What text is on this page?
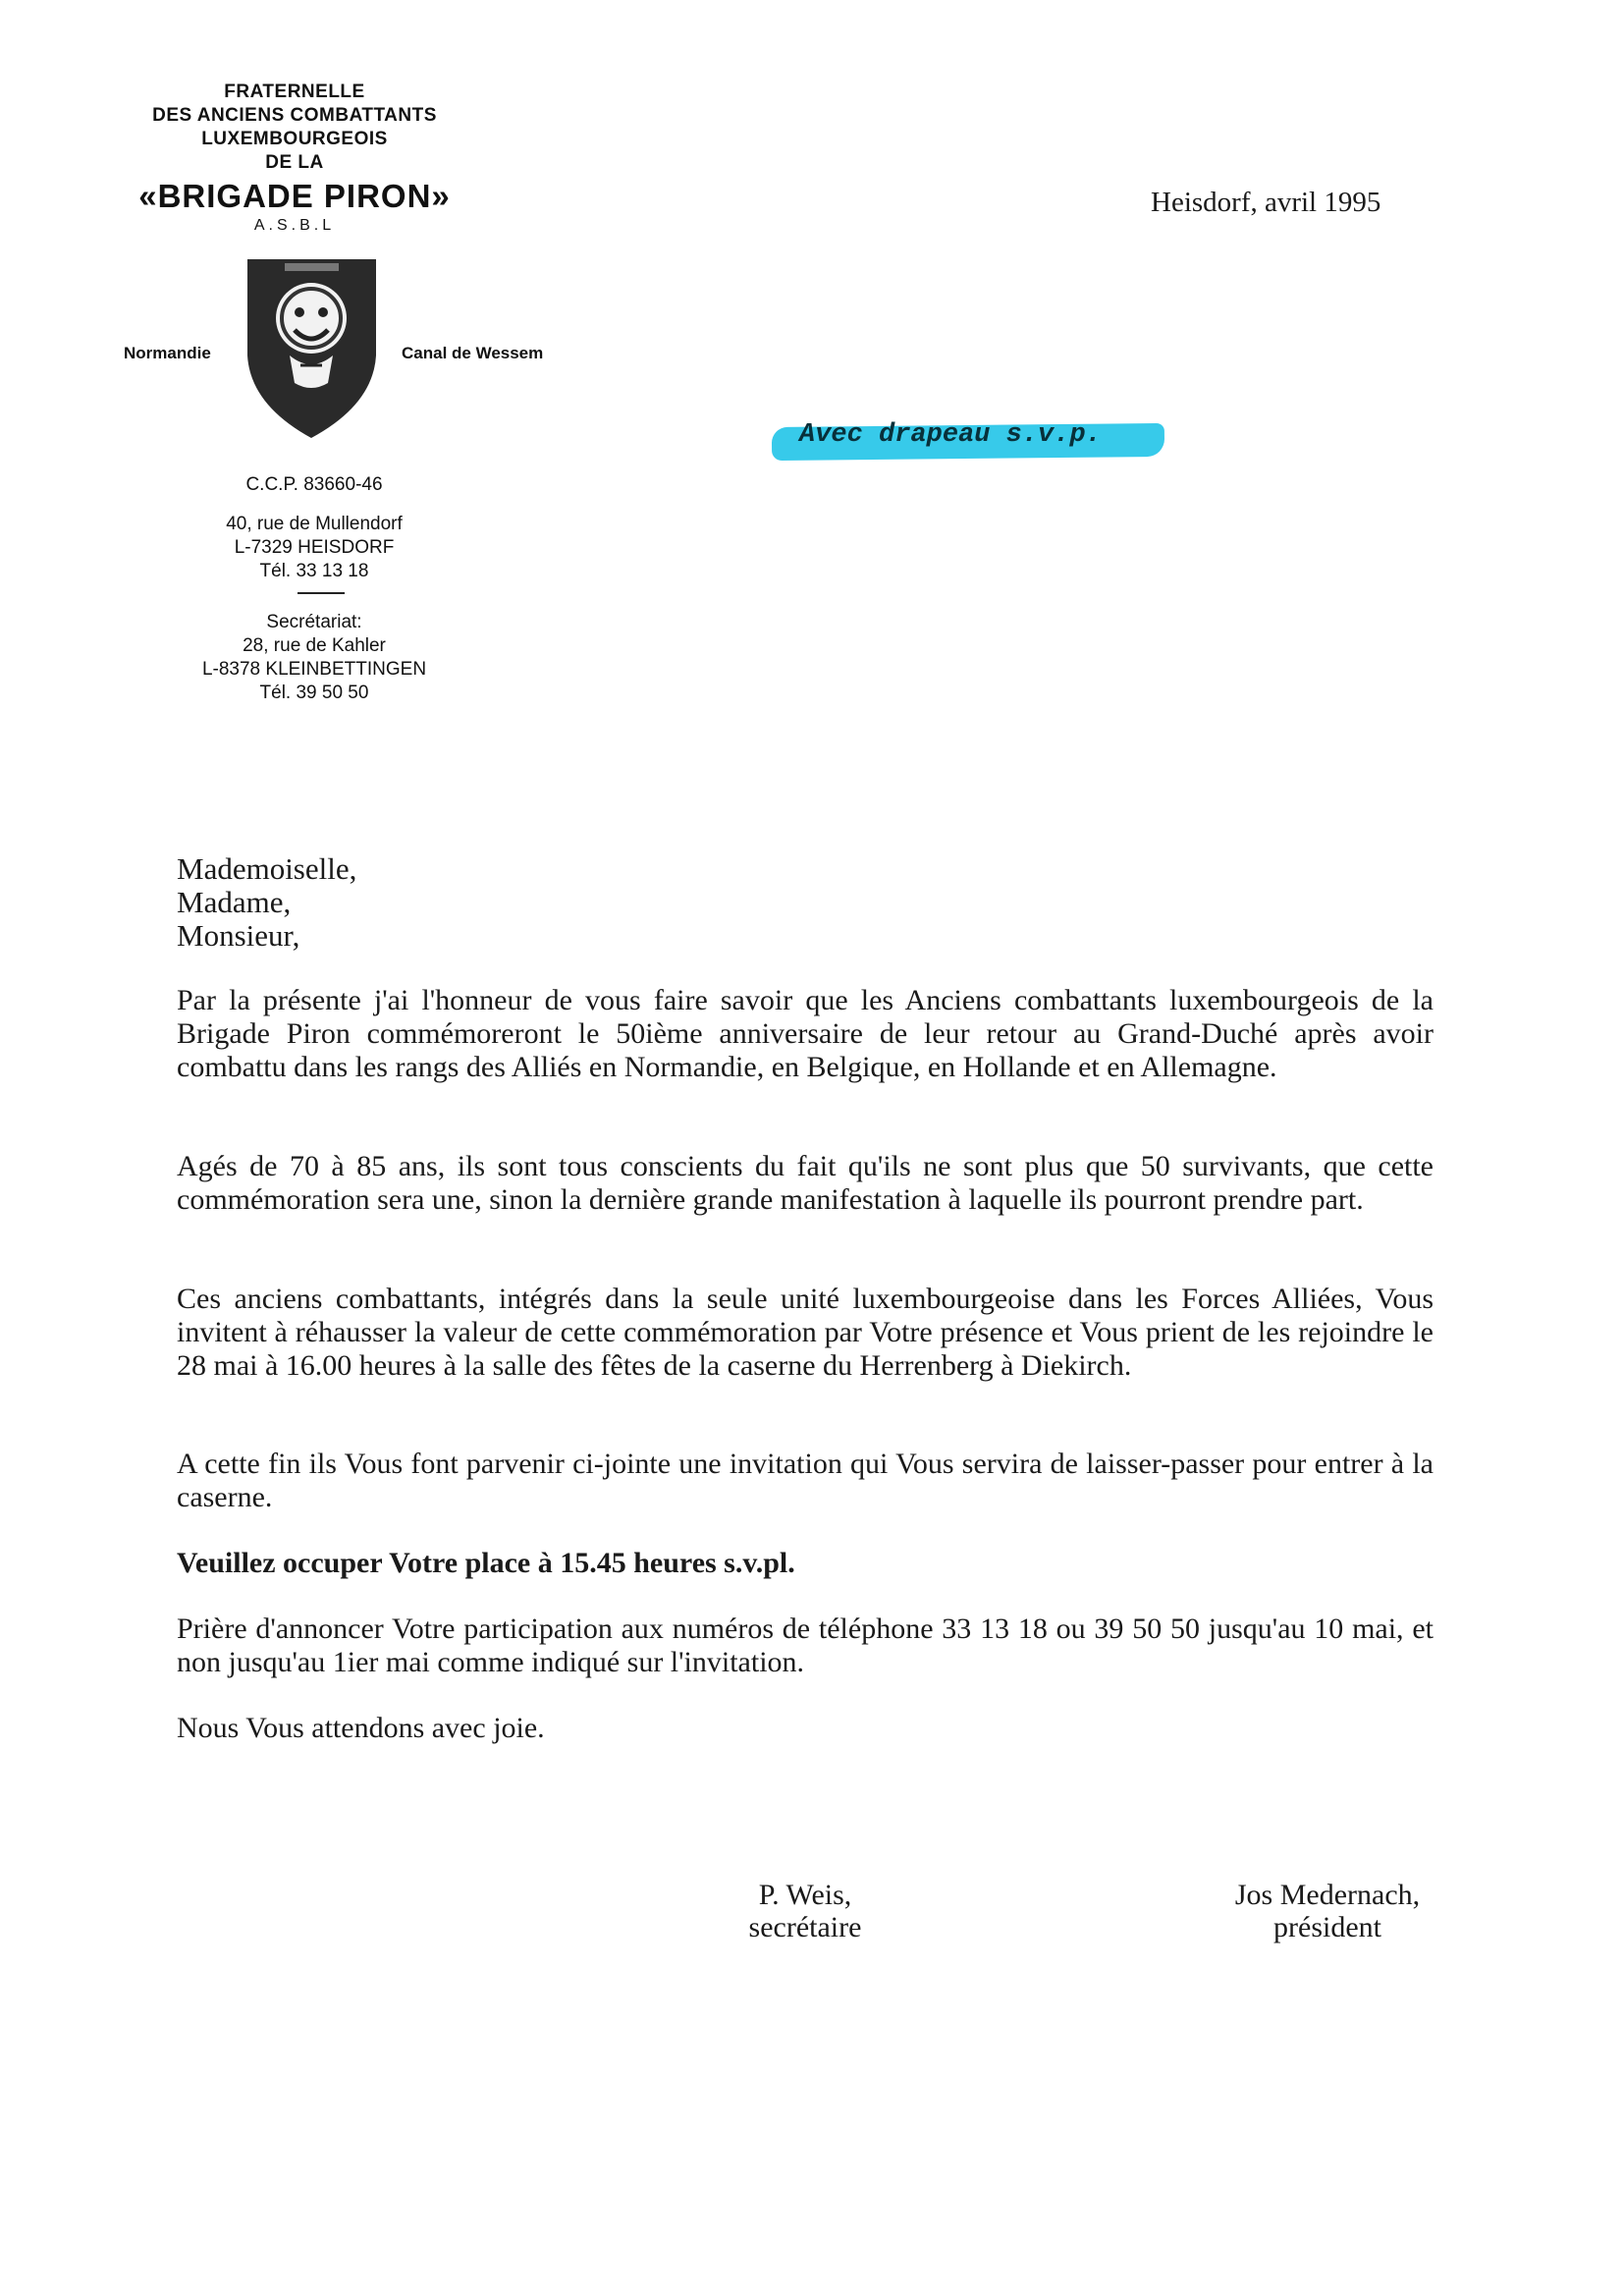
FRATERNELLE
DES ANCIENS COMBATTANTS
LUXEMBOURGEOIS
DE LA
«BRIGADE PIRON»
A.S.B.L
Normandie	Canal de Wessem
C.C.P. 83660-46
40, rue de Mullendorf
L-7329 HEISDORF
Tél. 33 13 18
Secrétariat:
28, rue de Kahler
L-8378 KLEINBETTINGEN
Tél. 39 50 50
Heisdorf, avril 1995
Avec drapeau s.v.p.
Mademoiselle,
Madame,
Monsieur,

Par la présente j'ai l'honneur de vous faire savoir que les Anciens combattants luxembourgeois de la Brigade Piron commémoreront le 50ième anniversaire de leur retour au Grand-Duché après avoir combattu dans les rangs des Alliés en Normandie, en Belgique, en Hollande et en Allemagne.

Agés de 70 à 85 ans, ils sont tous conscients du fait qu'ils ne sont plus que 50 survivants, que cette commémoration sera une, sinon la dernière grande manifestation à laquelle ils pourront prendre part.

Ces anciens combattants, intégrés dans la seule unité luxembourgeoise dans les Forces Alliées, Vous invitent à réhausser la valeur de cette commémoration par Votre présence et Vous prient de les rejoindre le 28 mai à 16.00 heures à la salle des fêtes de la caserne du Herrenberg à Diekirch.

A cette fin ils Vous font parvenir ci-jointe une invitation qui Vous servira de laisser-passer pour entrer à la caserne.

Veuillez occuper Votre place à 15.45 heures s.v.pl.

Prière d'annoncer Votre participation aux numéros de téléphone 33 13 18 ou 39 50 50 jusqu'au 10 mai, et non jusqu'au 1ier mai comme indiqué sur l'invitation.

Nous Vous attendons avec joie.

P. Weis,
secrétaire
Jos Medernach,
président
